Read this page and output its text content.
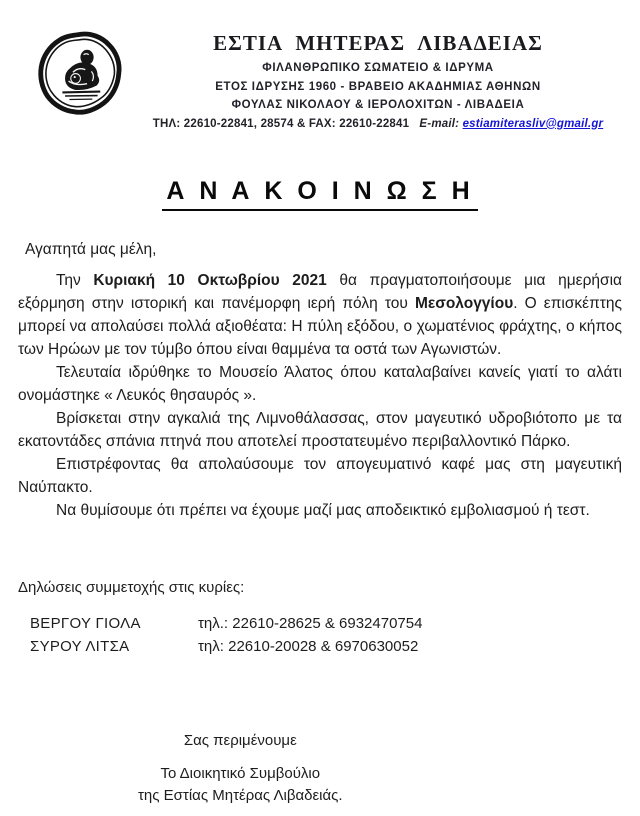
ΕΣΤΙΑ ΜΗΤΕΡΑΣ ΛΙΒΑΔΕΙΑΣ
ΦΙΛΑΝΘΡΩΠΙΚΟ ΣΩΜΑΤΕΙΟ & ΙΔΡΥΜΑ
ΕΤΟΣ ΙΔΡΥΣΗΣ 1960 - ΒΡΑΒΕΙΟ ΑΚΑΔΗΜΙΑΣ ΑΘΗΝΩΝ
ΦΟΥΛΑΣ ΝΙΚΟΛΑΟΥ & ΙΕΡΟΛΟΧΙΤΩΝ - ΛΙΒΑΔΕΙΑ
ΤΗΛ: 22610-22841, 28574 & FAX: 22610-22841 E-mail: estiamiterasliv@gmail.gr
Α Ν Α Κ Ο Ι Ν Ω Σ Η
Αγαπητά μας μέλη,

Την Κυριακή 10 Οκτωβρίου 2021 θα πραγματοποιήσουμε μια ημερήσια εξόρμηση στην ιστορική και πανέμορφη ιερή πόλη του Μεσολογγίου. Ο επισκέπτης μπορεί να απολαύσει πολλά αξιοθέατα: Η πύλη εξόδου, ο χωματένιος φράχτης, ο κήπος των Ηρώων με τον τύμβο όπου είναι θαμμένα τα οστά των Αγωνιστών.

Τελευταία ιδρύθηκε το Μουσείο Άλατος όπου καταλαβαίνει κανείς γιατί το αλάτι ονομάστηκε « Λευκός θησαυρός ».

Βρίσκεται στην αγκαλιά της Λιμνοθάλασσας, στον μαγευτικό υδροβιότοπο με τα εκατοντάδες σπάνια πτηνά που αποτελεί προστατευμένο περιβαλλοντικό Πάρκο.

Επιστρέφοντας θα απολαύσουμε τον απογευματινό καφέ μας στη μαγευτική Ναύπακτο.

Να θυμίσουμε ότι πρέπει να έχουμε μαζί μας αποδεικτικό εμβολιασμού ή τεστ.

Δηλώσεις συμμετοχής στις κυρίες:
ΒΕΡΓΟΥ ΓΙΟΛΑ	τηλ.: 22610-28625 & 6932470754
ΣΥΡΟΥ ΛΙΤΣΑ	τηλ: 22610-20028 & 6970630052
Σας περιμένουμε
Το Διοικητικό Συμβούλιο
της Εστίας Μητέρας Λιβαδειάς.
